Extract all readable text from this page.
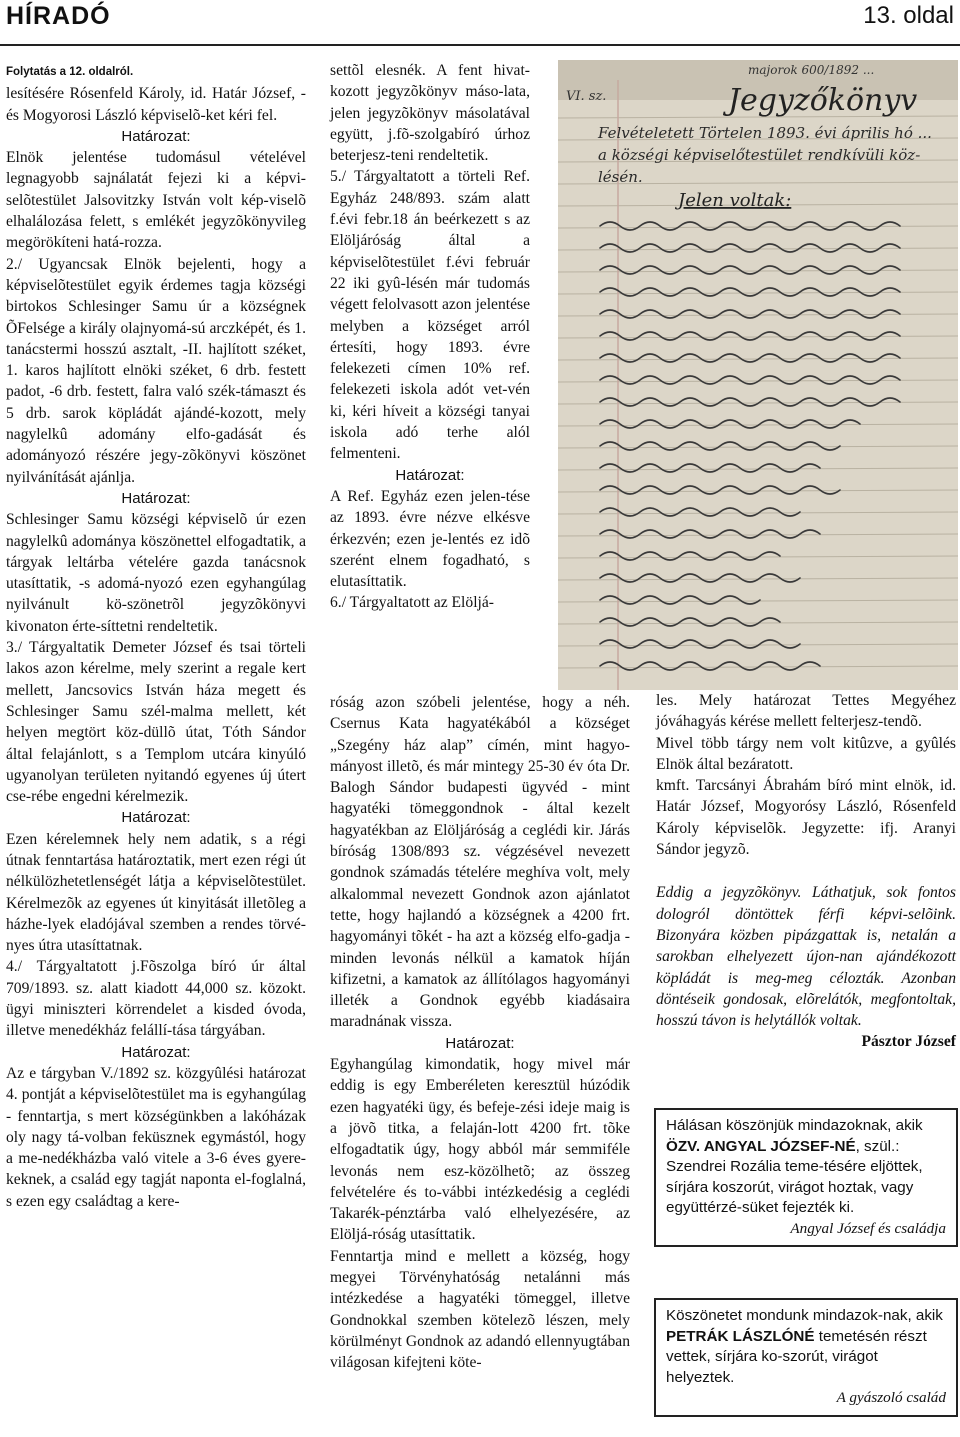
HÍRADÓ	13. oldal

Folytatás a 12. oldalról.

lesítésére Rósenfeld Károly, id. Határ József, - és Mogyorosi László képviselõ-ket kéri fel.

Határozat:

Elnök jelentése tudomásul vételével legnagyobb sajnálatát fejezi ki a képvi-selõtestület Jalsovitzky István volt kép-viselõ elhalálozása felett, s emlékét jegyzõkönyvileg megörökíteni hatá-rozza.

2./ Ugyancsak Elnök bejelenti, hogy a képviselõtestület egyik érdemes tagja községi birtokos Schlesinger Samu úr a községnek ÕFelsége a király olajnyomá-sú arczképét, és 1. tanácstermi hosszú asztalt, -II. hajlított széket, 1. karos hajlított elnöki széket, 6 drb. festett padot, -6 drb. festett, falra való szék-támaszt és 5 drb. sarok köpládát ajándé-kozott, mely nagylelkû adomány elfo-gadását és adományozó részére jegy-zõkönyvi köszönet nyilvánítását ajánlja.

Határozat:

Schlesinger Samu községi képviselõ úr ezen nagylelkû adománya köszönettel elfogadtatik, a tárgyak leltárba vételére gazda tanácsnok utasíttatik, -s adomá-nyozó ezen egyhangúlag nyilvánult kö-szönetrõl jegyzõkönyvi kivonaton érte-síttetni rendeltetik.

3./ Tárgyaltatik Demeter József és tsai törteli lakos azon kérelme, mely szerint a regale kert mellett, Jancsovics István háza megett és Schlesinger Samu szél-malma mellett, két helyen megtört köz-düllõ útat, Tóth Sándor által felajánlott, s a Templom utcára kinyúló ugyanolyan területen nyitandó egyenes új útert cse-rébe engedni kérelmezik.

Határozat:

Ezen kérelemnek hely nem adatik, s a régi útnak fenntartása határoztatik, mert ezen régi út nélkülözhetetlenségét látja a képviselõtestület. Kérelmezõk az egyenes út kinyitását illetõleg a házhe-lyek eladójával szemben a rendes törvé-nyes útra utasíttatnak.

4./ Tárgyaltatott j.Fõszolga bíró úr által 709/1893. sz. alatt kiadott 44,000 sz. közokt. ügyi miniszteri körrendelet a kisded óvoda, illetve menedékház felállí-tása tárgyában.

Határozat:

Az e tárgyban V./1892 sz. közgyûlési határozat 4. pontját a képviselõtestület ma is egyhangúlag - fenntartja, s mert községünkben a lakóházak oly nagy tá-volban feküsznek egymástól, hogy a me-nedékházba való vitele a 3-6 éves gyere-keknek, a család egy tagját naponta el-foglalná, s ezen egy családtag a kere-

settõl elesnék. A fent hivat-kozott jegyzõkönyv máso-lata, jelen jegyzõkönyv másolatával együtt, j.fõ-szolgabíró úrhoz beterjesz-teni rendeltetik.

5./ Tárgyaltatott a törteli Ref. Egyház 248/893. szám alatt f.évi febr.18 án beérkezett s az Elöljáróság által a képviselõtestület f.évi február 22 iki gyû-lésén már tudomás végett felolvasott azon jelentése melyben a községet arról értesíti, hogy 1893. évre felekezeti címen 10% ref. felekezeti iskola adót vet-vén ki, kéri híveit a községi tanyai iskola adó terhe alól felmenteni.

Határozat:

A Ref. Egyház ezen jelen-tése az 1893. évre nézve elkésve érkezvén; ezen je-lentés ez idõ szerént elnem fogadható, s elutasíttatik.

6./ Tárgyaltatott az Elöljá-

róság azon szóbeli jelentése, hogy a néh. Csernus Kata hagyatékából a községet „Szegény ház alap” címén, mint hagyo-mányost illetõ, és már mintegy 25-30 év óta Dr. Balogh Sándor budapesti ügyvéd - mint hagyatéki tömeggondnok - által kezelt hagyatékban az Elöljáróság a ceglédi kir. Járás bíróság 1308/893 sz. végzésével nevezett gondnok számadás tételére meghíva volt, mely alkalommal nevezett Gondnok azon ajánlatot tette, hogy hajlandó a községnek a 4200 frt. hagyományi tõkét - ha azt a község elfo-gadja - minden levonás nélkül a kamatok híján kifizetni, a kamatok az állítólagos hagyományi illeték a Gondnok egyébb kiadásaira maradnának vissza.

Határozat:

Egyhangúlag kimondatik, hogy mivel már eddig is egy Emberéleten keresztül húzódik ezen hagyatéki ügy, és befeje-zési ideje maig is a jövõ titka, a felaján-lott 4200 frt. tõke elfogadtatik úgy, hogy abból már semmiféle levonás nem esz-közölhetõ; az összeg felvételére és to-vábbi intézkedésig a ceglédi Takarék-pénztárba való elhelyezésére, az Elöljá-róság utasíttatik.

Fenntartja mind e mellett a község, hogy megyei Törvényhatóság netalánni más intézkedése a hagyatéki tömeggel, illetve Gondnokkal szemben kötelezõ lészen, mely körülményt Gondnok az adandó ellennyugtában világosan kifejteni köte-

majorok 600/1892 ...
VI. sz.	Jegyzőkönyv
Felvételetett Törtelen 1893. évi április hó ...
a községi képviselőtestület rendkívüli köz-
lésén.
Jelen voltak:

les. Mely határozat Tettes Megyéhez jóváhagyás kérése mellett felterjesz-tendõ.

Mivel több tárgy nem volt kitûzve, a gyûlés Elnök által bezáratott.

kmft. Tarcsányi Ábrahám bíró mint elnök, id. Határ József, Mogyorósy László, Rósenfeld Károly képviselõk. Jegyzette: ifj. Aranyi Sándor jegyzõ.

Eddig a jegyzõkönyv. Láthatjuk, sok fontos dologról döntöttek férfi képvi-selõink. Bizonyára közben pipázgattak is, netalán a sarokban elhelyezett újon-nan ajándékozott köpládát is meg-meg célozták. Azonban döntéseik gondosak, elõrelátók, megfontoltak, hosszú távon is helytállók voltak.
Pásztor József

Hálásan köszönjük mindazoknak, akik ÖZV. ANGYAL JÓZSEF-NÉ, szül.: Szendrei Rozália teme-tésére eljöttek, sírjára koszorút, virágot hoztak, vagy együttérzé-süket fejezték ki.

Angyal József és családja

Köszönetet mondunk mindazok-nak, akik PETRÁK LÁSZLÓNÉ temetésén részt vettek, sírjára ko-szorút, virágot helyeztek.

A gyászoló család
